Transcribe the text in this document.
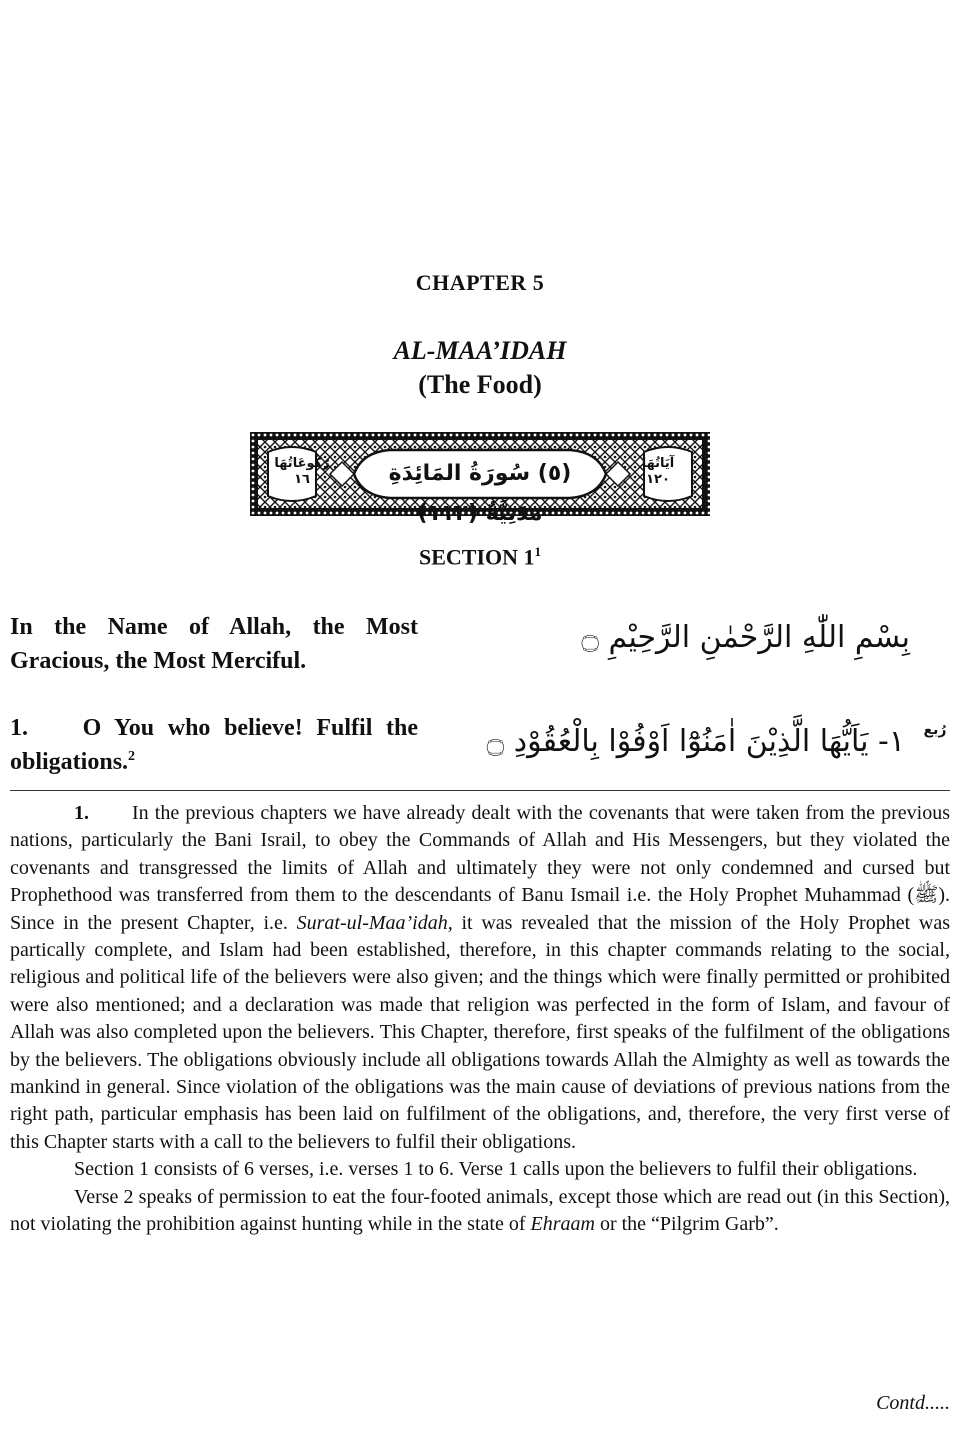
CHAPTER 5
AL-MAA’IDAH
(The Food)
رُكُوعَاتُهَا ١٦	(٥) سُورَةُ المَائِدَةِ مَدَنِيَّةٌ (١١٢)
آيَاتُهَا ١٢٠
SECTION $1^1$
In the Name of Allah, the Most Gracious, the Most Merciful.
بِسْمِ اللّٰهِ الرَّحْمٰنِ الرَّحِيْمِ ۝
1. O You who believe! Fulfil the obligations.$^2$	١- يَاَيُّهَا الَّذِيْنَ اٰمَنُوْٓا اَوْفُوْا بِالْعُقُوْدِ ۝	رُبع

1. In the previous chapters we have already dealt with the covenants that were taken from the previous nations, particularly the Bani Israil, to obey the Commands of Allah and His Messengers, but they violated the covenants and transgressed the limits of Allah and ultimately they were not only condemned and cursed but Prophethood was transferred from them to the descendants of Banu Ismail i.e. the Holy Prophet Muhammad (ﷺ). Since in the present Chapter, i.e. Surat-ul-Maa’idah, it was revealed that the mission of the Holy Prophet was partically complete, and Islam had been established, therefore, in this chapter commands relating to the social, religious and political life of the believers were also given; and the things which were finally permitted or prohibited were also mentioned; and a declaration was made that religion was perfected in the form of Islam, and favour of Allah was also completed upon the believers. This Chapter, therefore, first speaks of the fulfilment of the obligations by the believers. The obligations obviously include all obligations towards Allah the Almighty as well as towards the mankind in general. Since violation of the obligations was the main cause of deviations of previous nations from the right path, particular emphasis has been laid on fulfilment of the obligations, and, therefore, the very first verse of this Chapter starts with a call to the believers to fulfil their obligations.

Section 1 consists of 6 verses, i.e. verses 1 to 6. Verse 1 calls upon the believers to fulfil their obligations.

Verse 2 speaks of permission to eat the four-footed animals, except those which are read out (in this Section), not violating the prohibition against hunting while in the state of Ehraam or the “Pilgrim Garb”.

Contd.....
